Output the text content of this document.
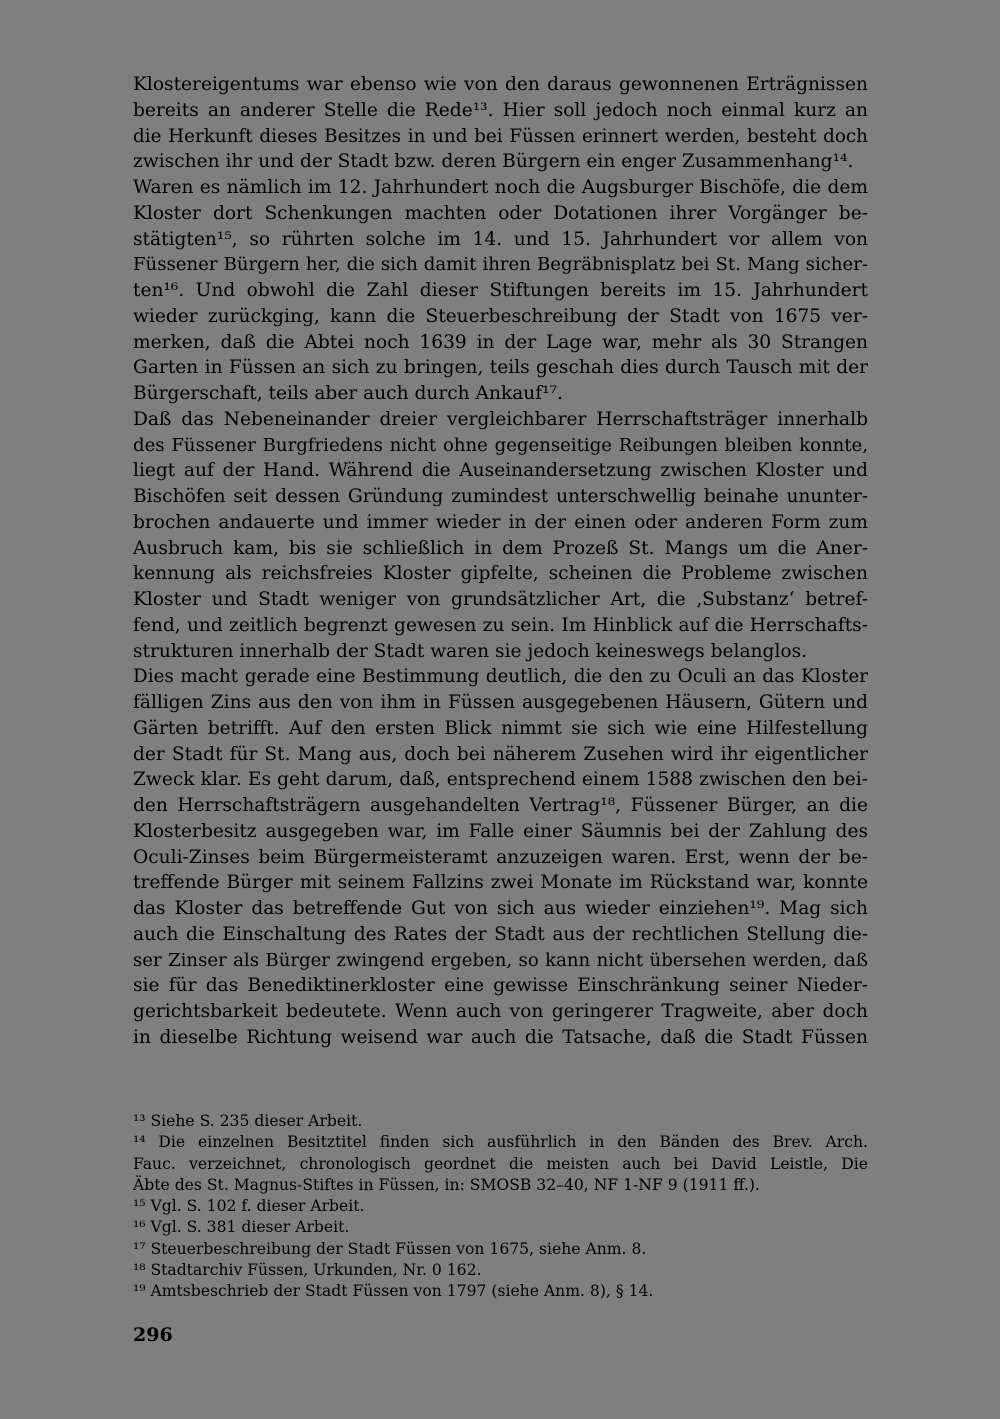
Klostereigentums war ebenso wie von den daraus gewonnenen Erträgnissen
bereits an anderer Stelle die Rede¹³. Hier soll jedoch noch einmal kurz an
die Herkunft dieses Besitzes in und bei Füssen erinnert werden, besteht doch
zwischen ihr und der Stadt bzw. deren Bürgern ein enger Zusammenhang¹⁴.
Waren es nämlich im 12. Jahrhundert noch die Augsburger Bischöfe, die dem
Kloster dort Schenkungen machten oder Dotationen ihrer Vorgänger be-
stätigten¹⁵, so rührten solche im 14. und 15. Jahrhundert vor allem von
Füssener Bürgern her, die sich damit ihren Begräbnisplatz bei St. Mang sicher-
ten¹⁶. Und obwohl die Zahl dieser Stiftungen bereits im 15. Jahrhundert
wieder zurückging, kann die Steuerbeschreibung der Stadt von 1675 ver-
merken, daß die Abtei noch 1639 in der Lage war, mehr als 30 Strangen
Garten in Füssen an sich zu bringen, teils geschah dies durch Tausch mit der
Bürgerschaft, teils aber auch durch Ankauf¹⁷.
Daß das Nebeneinander dreier vergleichbarer Herrschaftsträger innerhalb
des Füssener Burgfriedens nicht ohne gegenseitige Reibungen bleiben konnte,
liegt auf der Hand. Während die Auseinandersetzung zwischen Kloster und
Bischöfen seit dessen Gründung zumindest unterschwellig beinahe ununter-
brochen andauerte und immer wieder in der einen oder anderen Form zum
Ausbruch kam, bis sie schließlich in dem Prozeß St. Mangs um die Aner-
kennung als reichsfreies Kloster gipfelte, scheinen die Probleme zwischen
Kloster und Stadt weniger von grundsätzlicher Art, die ‚Substanz‘ betref-
fend, und zeitlich begrenzt gewesen zu sein. Im Hinblick auf die Herrschafts-
strukturen innerhalb der Stadt waren sie jedoch keineswegs belanglos.
Dies macht gerade eine Bestimmung deutlich, die den zu Oculi an das Kloster
fälligen Zins aus den von ihm in Füssen ausgegebenen Häusern, Gütern und
Gärten betrifft. Auf den ersten Blick nimmt sie sich wie eine Hilfestellung
der Stadt für St. Mang aus, doch bei näherem Zusehen wird ihr eigentlicher
Zweck klar. Es geht darum, daß, entsprechend einem 1588 zwischen den bei-
den Herrschaftsträgern ausgehandelten Vertrag¹⁸, Füssener Bürger, an die
Klosterbesitz ausgegeben war, im Falle einer Säumnis bei der Zahlung des
Oculi-Zinses beim Bürgermeisteramt anzuzeigen waren. Erst, wenn der be-
treffende Bürger mit seinem Fallzins zwei Monate im Rückstand war, konnte
das Kloster das betreffende Gut von sich aus wieder einziehen¹⁹. Mag sich
auch die Einschaltung des Rates der Stadt aus der rechtlichen Stellung die-
ser Zinser als Bürger zwingend ergeben, so kann nicht übersehen werden, daß
sie für das Benediktinerkloster eine gewisse Einschränkung seiner Nieder-
gerichtsbarkeit bedeutete. Wenn auch von geringerer Tragweite, aber doch
in dieselbe Richtung weisend war auch die Tatsache, daß die Stadt Füssen
¹³ Siehe S. 235 dieser Arbeit.
¹⁴ Die einzelnen Besitztitel finden sich ausführlich in den Bänden des Brev. Arch.
Fauc. verzeichnet, chronologisch geordnet die meisten auch bei David Leistle, Die
Äbte des St. Magnus-Stiftes in Füssen, in: SMOSB 32–40, NF 1-NF 9 (1911 ff.).
¹⁵ Vgl. S. 102 f. dieser Arbeit.
¹⁶ Vgl. S. 381 dieser Arbeit.
¹⁷ Steuerbeschreibung der Stadt Füssen von 1675, siehe Anm. 8.
¹⁸ Stadtarchiv Füssen, Urkunden, Nr. 0 162.
¹⁹ Amtsbeschrieb der Stadt Füssen von 1797 (siehe Anm. 8), § 14.
296
